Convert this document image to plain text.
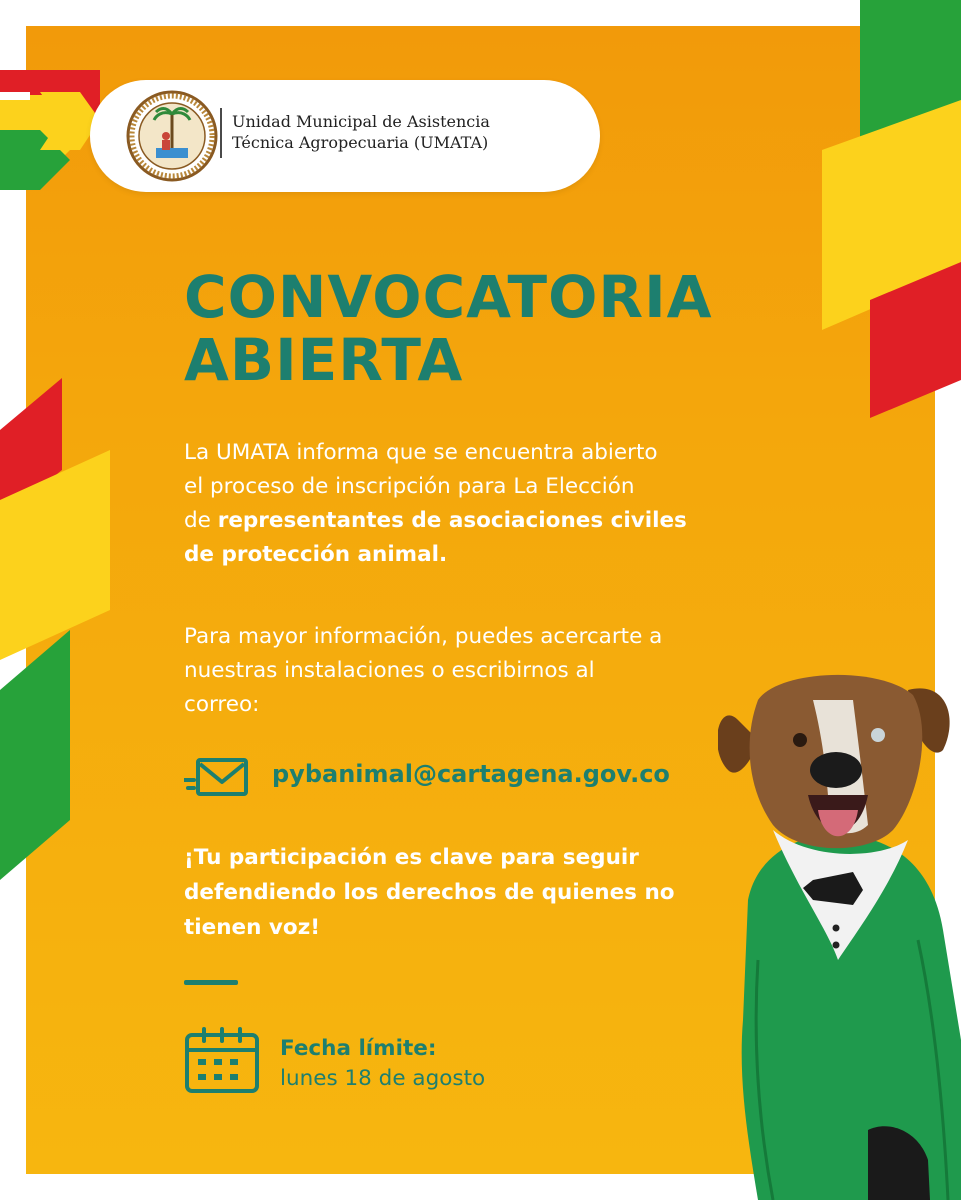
Unidad Municipal de Asistencia
Técnica Agropecuaria (UMATA)
CONVOCATORIA
ABIERTA
La UMATA informa que se encuentra abierto
el proceso de inscripción para La Elección
de representantes de asociaciones civiles
de protección animal.
Para mayor información, puedes acercarte a
nuestras instalaciones o escribirnos al
correo:
pybanimal@cartagena.gov.co
¡Tu participación es clave para seguir
defendiendo los derechos de quienes no
tienen voz!
Fecha límite:
lunes 18 de agosto
